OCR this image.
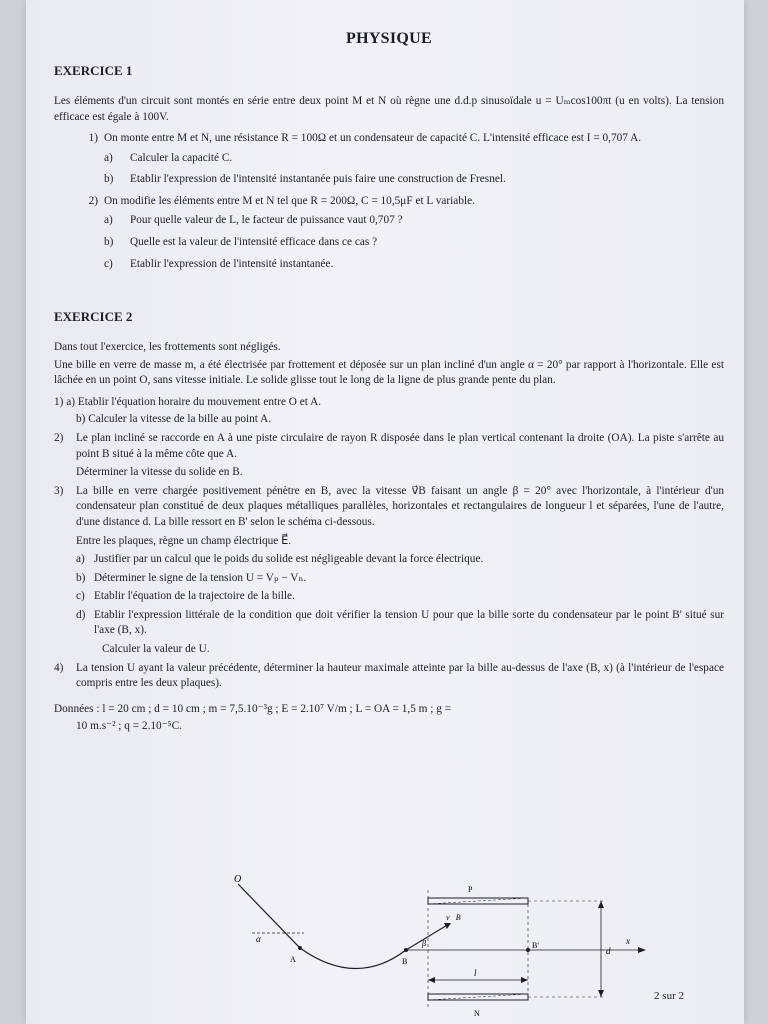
PHYSIQUE
EXERCICE 1

Les éléments d'un circuit sont montés en série entre deux point M et N où règne une d.d.p sinusoïdale u = Uₘcos100πt (u en volts). La tension efficace est égale à 100V.

1) On monte entre M et N, une résistance R = 100Ω et un condensateur de capacité C. L'intensité efficace est I = 0,707 A.
a)	Calculer la capacité C.
b)	Etablir l'expression de l'intensité instantanée puis faire une construction de Fresnel.
2) On modifie les éléments entre M et N tel que R = 200Ω, C = 10,5μF et L variable.
a)	Pour quelle valeur de L, le facteur de puissance vaut 0,707 ?
b)	Quelle est la valeur de l'intensité efficace dans ce cas ?
c)	Etablir l'expression de l'intensité instantanée.
EXERCICE 2

Dans tout l'exercice, les frottements sont négligés.

Une bille en verre de masse m, a été électrisée par frottement et déposée sur un plan incliné d'un angle α = 20° par rapport à l'horizontale. Elle est lâchée en un point O, sans vitesse initiale. Le solide glisse tout le long de la ligne de plus grande pente du plan.

1) a) Etablir l'équation horaire du mouvement entre O et A.

b) Calculer la vitesse de la bille au point A.

2)	Le plan incliné se raccorde en A à une piste circulaire de rayon R disposée dans le plan vertical contenant la droite (OA). La piste s'arrête au point B situé à la même côte que A.

Déterminer la vitesse du solide en B.

3)	La bille en verre chargée positivement pénètre en B, avec la vitesse v⃗B faisant un angle β = 20° avec l'horizontale, à l'intérieur d'un condensateur plan constitué de deux plaques métalliques parallèles, horizontales et rectangulaires de longueur l et séparées, l'une de l'autre, d'une distance d. La bille ressort en B' selon le schéma ci-dessous.

Entre les plaques, règne un champ électrique E⃗.

a) Justifier par un calcul que le poids du solide est négligeable devant la force électrique.
b) Déterminer le signe de la tension U = Vₚ − Vₙ.
c) Etablir l'équation de la trajectoire de la bille.
d) Etablir l'expression littérale de la condition que doit vérifier la tension U pour que la bille sorte du condensateur par le point B' situé sur l'axe (B, x).

Calculer la valeur de U.

4)	La tension U ayant la valeur précédente, déterminer la hauteur maximale atteinte par la bille au-dessus de l'axe (B, x) (à l'intérieur de l'espace compris entre les deux plaques).

Données : l = 20 cm ; d = 10 cm ; m = 7,5.10⁻³g ; E = 2.10⁷ V/m ; L = OA = 1,5 m ; g =

10 m.s⁻² ; q = 2.10⁻⁵C.

O
α
A	B
B'
P
N
v⃗B
β	x
l
d
2 sur 2
